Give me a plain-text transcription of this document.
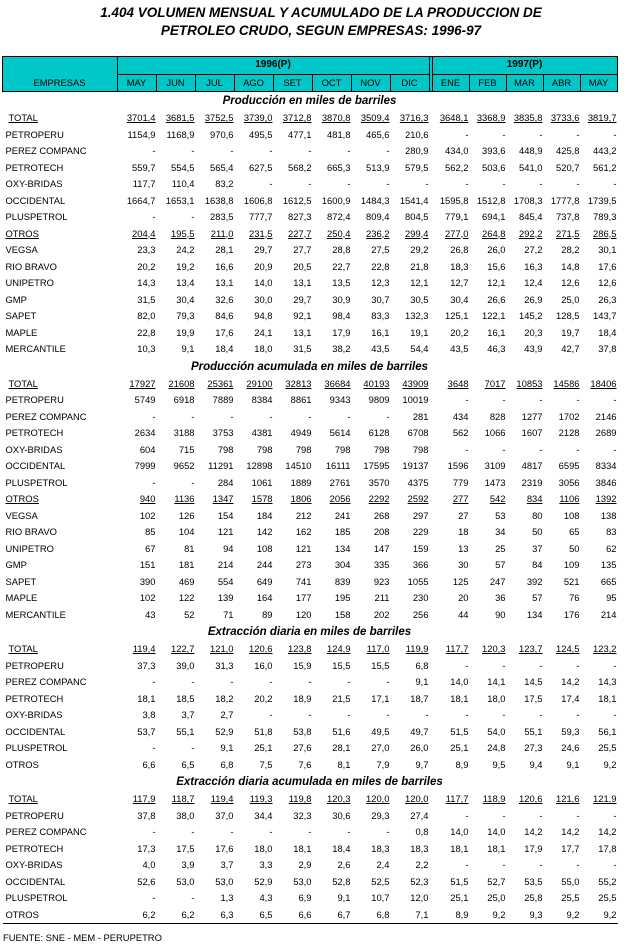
1.404 VOLUMEN MENSUAL Y ACUMULADO DE LA PRODUCCION DE
PETROLEO CRUDO, SEGUN EMPRESAS: 1996-97
EMPRESAS	1996(P)									1997(P)				
	MAY	JUN	JUL	AGO	SET	OCT	NOV	DIC		ENE	FEB	MAR	ABR	MAY
Producción en miles de barriles														
TOTAL	3701,4	3681,5	3752,5	3739,0	3712,8	3870,8	3509,4	3716,3		3648,1	3368,9	3835,8	3733,6	3819,7
PETROPERU	1154,9	1168,9	970,6	495,5	477,1	481,8	465,6	210,6		-	-	-	-	-
PEREZ COMPANC	-	-	-	-	-	-	-	280,9		434,0	393,6	448,9	425,8	443,2
PETROTECH	559,7	554,5	565,4	627,5	568,2	665,3	513,9	579,5		562,2	503,6	541,0	520,7	561,2
OXY-BRIDAS	117,7	110,4	83,2	-	-	-	-	-		-	-	-	-	-
OCCIDENTAL	1664,7	1653,1	1638,8	1606,8	1612,5	1600,9	1484,3	1541,4		1595,8	1512,8	1708,3	1777,8	1739,5
PLUSPETROL	-	-	283,5	777,7	827,3	872,4	809,4	804,5		779,1	694,1	845,4	737,8	789,3
OTROS	204,4	195,5	211,0	231,5	227,7	250,4	236,2	299,4		277,0	264,8	292,2	271,5	286,5
VEGSA	23,3	24,2	28,1	29,7	27,7	28,8	27,5	29,2		26,8	26,0	27,2	28,2	30,1
RIO BRAVO	20,2	19,2	16,6	20,9	20,5	22,7	22,8	21,8		18,3	15,6	16,3	14,8	17,6
UNIPETRO	14,3	13,4	13,1	14,0	13,1	13,5	12,3	12,1		12,7	12,1	12,4	12,6	12,6
GMP	31,5	30,4	32,6	30,0	29,7	30,9	30,7	30,5		30,4	26,6	26,9	25,0	26,3
SAPET	82,0	79,3	84,6	94,8	92,1	98,4	83,3	132,3		125,1	122,1	145,2	128,5	143,7
MAPLE	22,8	19,9	17,6	24,1	13,1	17,9	16,1	19,1		20,2	16,1	20,3	19,7	18,4
MERCANTILE	10,3	9,1	18,4	18,0	31,5	38,2	43,5	54,4		43,5	46,3	43,9	42,7	37,8
Producción acumulada en miles de barriles														
TOTAL	17927	21608	25361	29100	32813	36684	40193	43909		3648	7017	10853	14586	18406
PETROPERU	5749	6918	7889	8384	8861	9343	9809	10019		-	-	-	-	-
PEREZ COMPANC	-	-	-	-	-	-	-	281		434	828	1277	1702	2146
PETROTECH	2634	3188	3753	4381	4949	5614	6128	6708		562	1066	1607	2128	2689
OXY-BRIDAS	604	715	798	798	798	798	798	798		-	-	-	-	-
OCCIDENTAL	7999	9652	11291	12898	14510	16111	17595	19137		1596	3109	4817	6595	8334
PLUSPETROL	-	-	284	1061	1889	2761	3570	4375		779	1473	2319	3056	3846
OTROS	940	1136	1347	1578	1806	2056	2292	2592		277	542	834	1106	1392
VEGSA	102	126	154	184	212	241	268	297		27	53	80	108	138
RIO BRAVO	85	104	121	142	162	185	208	229		18	34	50	65	83
UNIPETRO	67	81	94	108	121	134	147	159		13	25	37	50	62
GMP	151	181	214	244	273	304	335	366		30	57	84	109	135
SAPET	390	469	554	649	741	839	923	1055		125	247	392	521	665
MAPLE	102	122	139	164	177	195	211	230		20	36	57	76	95
MERCANTILE	43	52	71	89	120	158	202	256		44	90	134	176	214
Extracción diaria en miles de barriles														
TOTAL	119,4	122,7	121,0	120,6	123,8	124,9	117,0	119,9		117,7	120,3	123,7	124,5	123,2
PETROPERU	37,3	39,0	31,3	16,0	15,9	15,5	15,5	6,8		-	-	-	-	-
PEREZ COMPANC	-	-	-	-	-	-	-	9,1		14,0	14,1	14,5	14,2	14,3
PETROTECH	18,1	18,5	18,2	20,2	18,9	21,5	17,1	18,7		18,1	18,0	17,5	17,4	18,1
OXY-BRIDAS	3,8	3,7	2,7	-	-	-	-	-		-	-	-	-	-
OCCIDENTAL	53,7	55,1	52,9	51,8	53,8	51,6	49,5	49,7		51,5	54,0	55,1	59,3	56,1
PLUSPETROL	-	-	9,1	25,1	27,6	28,1	27,0	26,0		25,1	24,8	27,3	24,6	25,5
OTROS	6,6	6,5	6,8	7,5	7,6	8,1	7,9	9,7		8,9	9,5	9,4	9,1	9,2
Extracción diaria acumulada en miles de barriles														
TOTAL	117,9	118,7	119,4	119,3	119,8	120,3	120,0	120,0		117,7	118,9	120,6	121,6	121,9
PETROPERU	37,8	38,0	37,0	34,4	32,3	30,6	29,3	27,4		-	-	-	-	-
PEREZ COMPANC	-	-	-	-	-	-	-	0,8		14,0	14,0	14,2	14,2	14,2
PETROTECH	17,3	17,5	17,6	18,0	18,1	18,4	18,3	18,3		18,1	18,1	17,9	17,7	17,8
OXY-BRIDAS	4,0	3,9	3,7	3,3	2,9	2,6	2,4	2,2		-	-	-	-	-
OCCIDENTAL	52,6	53,0	53,0	52,9	53,0	52,8	52,5	52,3		51,5	52,7	53,5	55,0	55,2
PLUSPETROL	-	-	1,3	4,3	6,9	9,1	10,7	12,0		25,1	25,0	25,8	25,5	25,5
OTROS	6,2	6,2	6,3	6,5	6,6	6,7	6,8	7,1		8,9	9,2	9,3	9,2	9,2
FUENTE: SNE - MEM - PERUPETRO
